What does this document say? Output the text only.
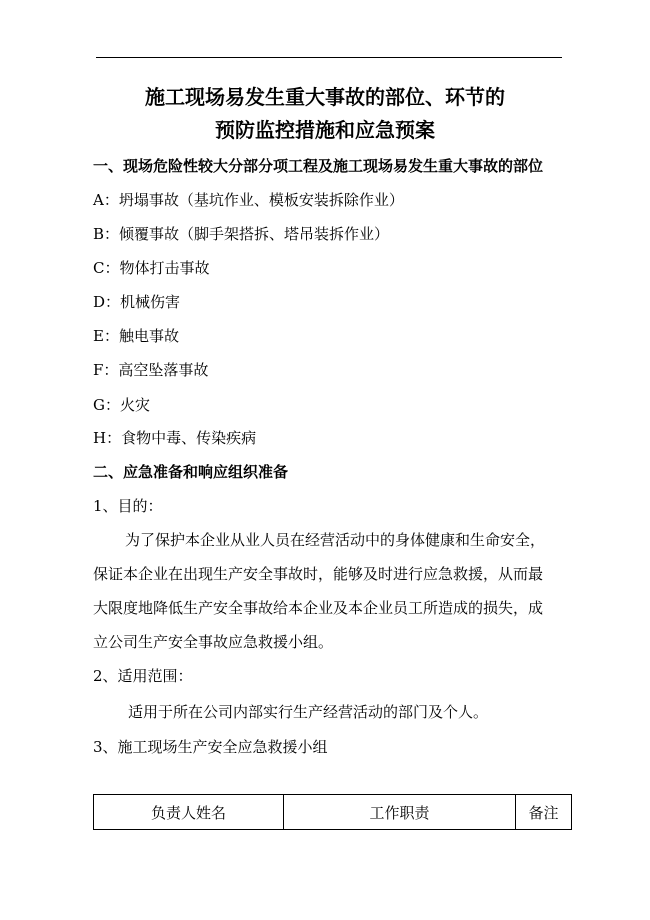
施工现场易发生重大事故的部位、环节的
预防监控措施和应急预案
一、现场危险性较大分部分项工程及施工现场易发生重大事故的部位
A：坍塌事故（基坑作业、模板安装拆除作业）
B：倾覆事故（脚手架搭拆、塔吊装拆作业）
C：物体打击事故
D：机械伤害
E：触电事故
F：高空坠落事故
G：火灾
H：食物中毒、传染疾病
二、应急准备和响应组织准备
1、目的：
为了保护本企业从业人员在经营活动中的身体健康和生命安全，
保证本企业在出现生产安全事故时，能够及时进行应急救援，从而最
大限度地降低生产安全事故给本企业及本企业员工所造成的损失，成
立公司生产安全事故应急救援小组。
2、适用范围：
适用于所在公司内部实行生产经营活动的部门及个人。
3、施工现场生产安全应急救援小组
负责人姓名	工作职责	备注
